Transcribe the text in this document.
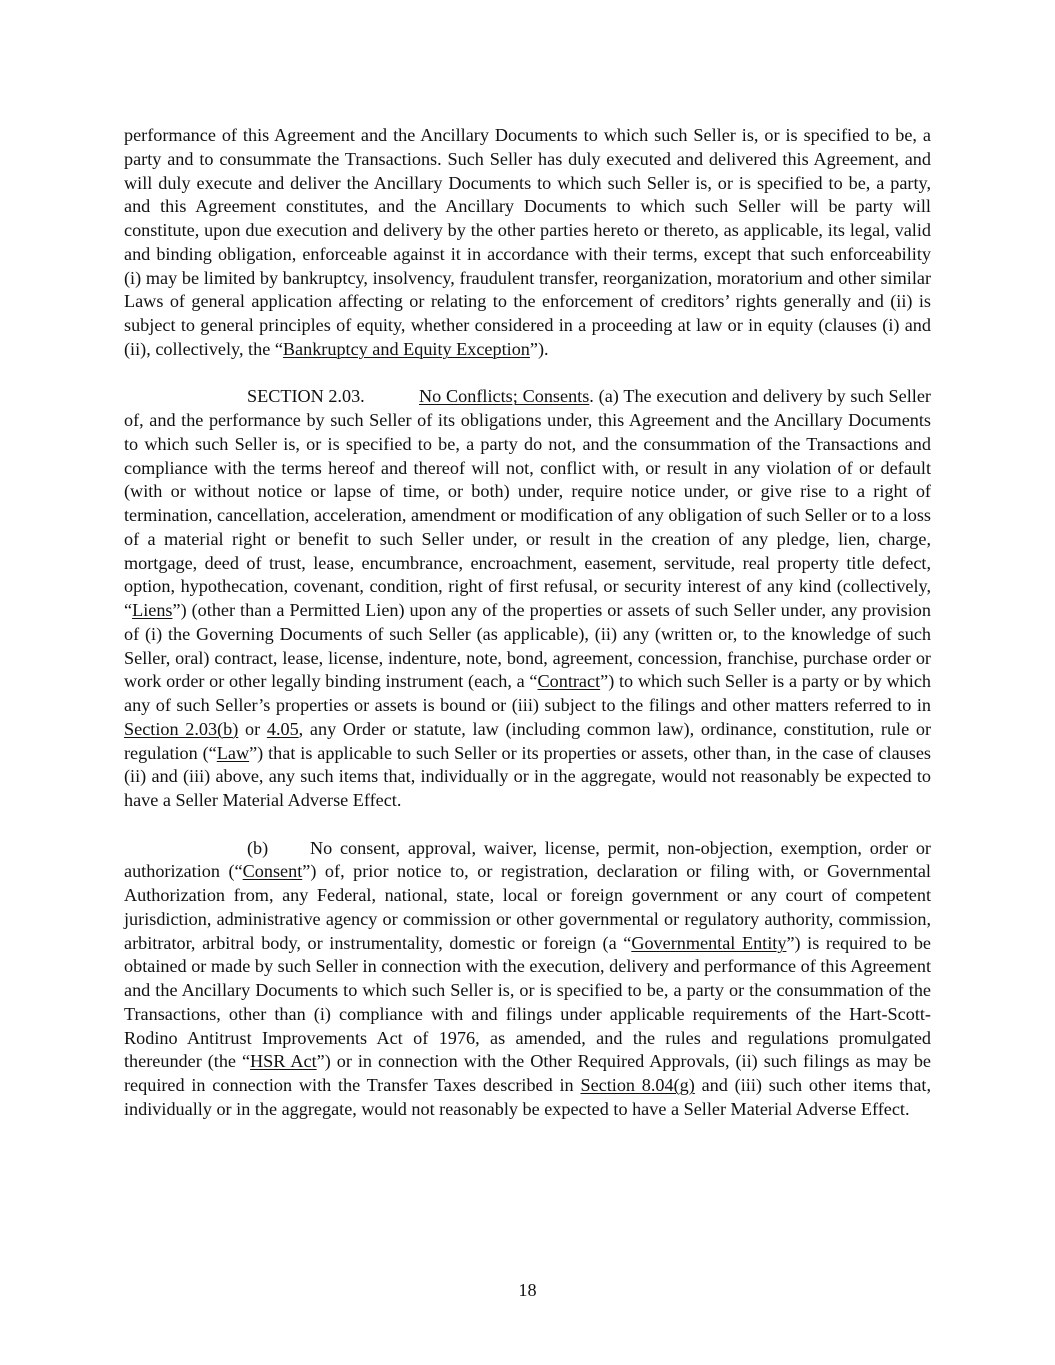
performance of this Agreement and the Ancillary Documents to which such Seller is, or is specified to be, a party and to consummate the Transactions. Such Seller has duly executed and delivered this Agreement, and will duly execute and deliver the Ancillary Documents to which such Seller is, or is specified to be, a party, and this Agreement constitutes, and the Ancillary Documents to which such Seller will be party will constitute, upon due execution and delivery by the other parties hereto or thereto, as applicable, its legal, valid and binding obligation, enforceable against it in accordance with their terms, except that such enforceability (i) may be limited by bankruptcy, insolvency, fraudulent transfer, reorganization, moratorium and other similar Laws of general application affecting or relating to the enforcement of creditors’ rights generally and (ii) is subject to general principles of equity, whether considered in a proceeding at law or in equity (clauses (i) and (ii), collectively, the “Bankruptcy and Equity Exception”).

SECTION 2.03.	No Conflicts; Consents. (a) The execution and delivery by such Seller of, and the performance by such Seller of its obligations under, this Agreement and the Ancillary Documents to which such Seller is, or is specified to be, a party do not, and the consummation of the Transactions and compliance with the terms hereof and thereof will not, conflict with, or result in any violation of or default (with or without notice or lapse of time, or both) under, require notice under, or give rise to a right of termination, cancellation, acceleration, amendment or modification of any obligation of such Seller or to a loss of a material right or benefit to such Seller under, or result in the creation of any pledge, lien, charge, mortgage, deed of trust, lease, encumbrance, encroachment, easement, servitude, real property title defect, option, hypothecation, covenant, condition, right of first refusal, or security interest of any kind (collectively, “Liens”) (other than a Permitted Lien) upon any of the properties or assets of such Seller under, any provision of (i) the Governing Documents of such Seller (as applicable), (ii) any (written or, to the knowledge of such Seller, oral) contract, lease, license, indenture, note, bond, agreement, concession, franchise, purchase order or work order or other legally binding instrument (each, a “Contract”) to which such Seller is a party or by which any of such Seller’s properties or assets is bound or (iii) subject to the filings and other matters referred to in Section 2.03(b) or 4.05, any Order or statute, law (including common law), ordinance, constitution, rule or regulation (“Law”) that is applicable to such Seller or its properties or assets, other than, in the case of clauses (ii) and (iii) above, any such items that, individually or in the aggregate, would not reasonably be expected to have a Seller Material Adverse Effect.

(b) No consent, approval, waiver, license, permit, non-objection, exemption, order or authorization (“Consent”) of, prior notice to, or registration, declaration or filing with, or Governmental Authorization from, any Federal, national, state, local or foreign government or any court of competent jurisdiction, administrative agency or commission or other governmental or regulatory authority, commission, arbitrator, arbitral body, or instrumentality, domestic or foreign (a “Governmental Entity”) is required to be obtained or made by such Seller in connection with the execution, delivery and performance of this Agreement and the Ancillary Documents to which such Seller is, or is specified to be, a party or the consummation of the Transactions, other than (i) compliance with and filings under applicable requirements of the Hart-Scott-Rodino Antitrust Improvements Act of 1976, as amended, and the rules and regulations promulgated thereunder (the “HSR Act”) or in connection with the Other Required Approvals, (ii) such filings as may be required in connection with the Transfer Taxes described in Section 8.04(g) and (iii) such other items that, individually or in the aggregate, would not reasonably be expected to have a Seller Material Adverse Effect.

18
